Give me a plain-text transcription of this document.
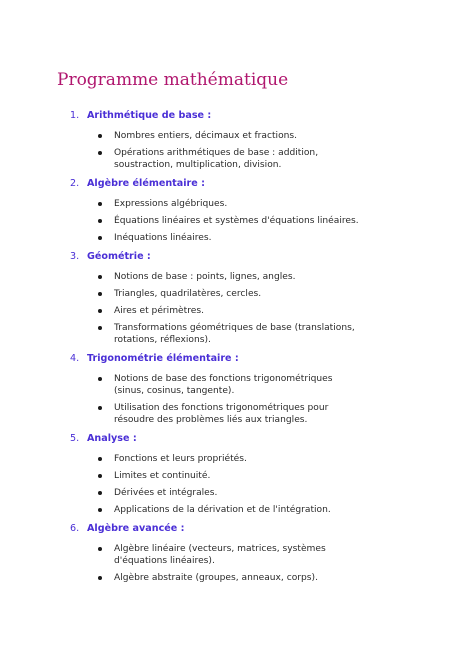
Programme mathématique
1. Arithmétique de base :
Nombres entiers, décimaux et fractions.
Opérations arithmétiques de base : addition, soustraction, multiplication, division.
2. Algèbre élémentaire :
Expressions algébriques.
Équations linéaires et systèmes d'équations linéaires.
Inéquations linéaires.
3. Géométrie :
Notions de base : points, lignes, angles.
Triangles, quadrilatères, cercles.
Aires et périmètres.
Transformations géométriques de base (translations, rotations, réflexions).
4. Trigonométrie élémentaire :
Notions de base des fonctions trigonométriques (sinus, cosinus, tangente).
Utilisation des fonctions trigonométriques pour résoudre des problèmes liés aux triangles.
5. Analyse :
Fonctions et leurs propriétés.
Limites et continuité.
Dérivées et intégrales.
Applications de la dérivation et de l'intégration.
6. Algèbre avancée :
Algèbre linéaire (vecteurs, matrices, systèmes d'équations linéaires).
Algèbre abstraite (groupes, anneaux, corps).
